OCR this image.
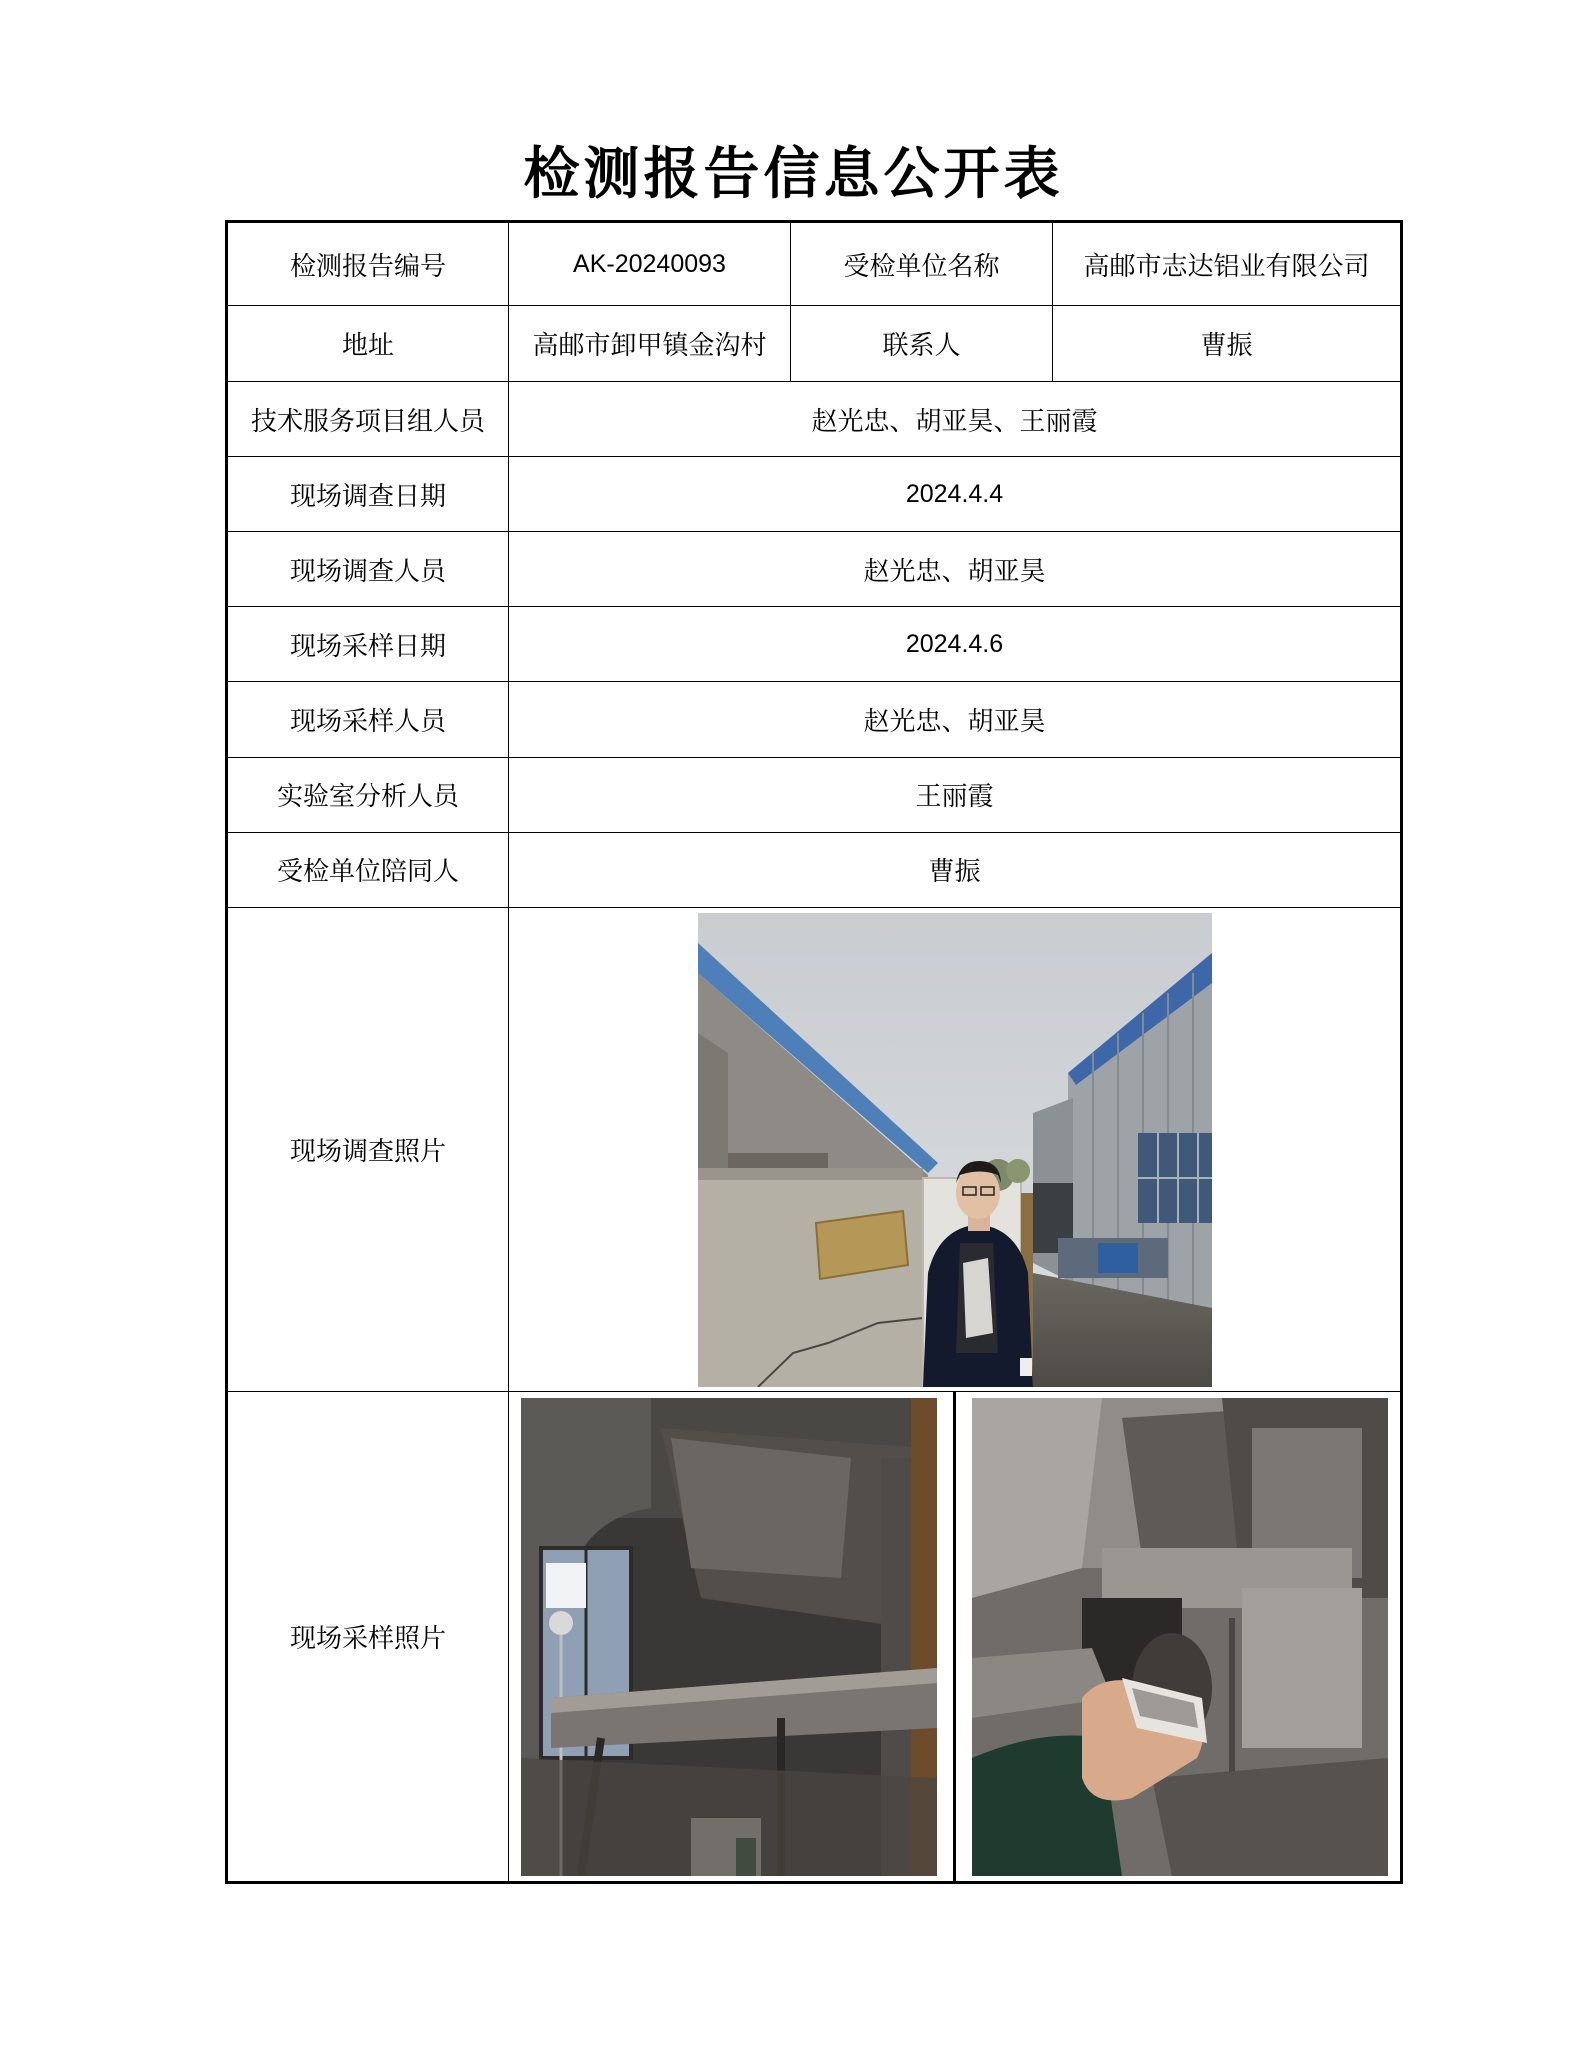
检测报告信息公开表
检测报告编号	AK-20240093	受检单位名称	高邮市志达铝业有限公司
地址	高邮市卸甲镇金沟村	联系人	曹振
技术服务项目组人员	赵光忠、胡亚昊、王丽霞		
现场调查日期	2024.4.4		
现场调查人员	赵光忠、胡亚昊		
现场采样日期	2024.4.6		
现场采样人员	赵光忠、胡亚昊		
实验室分析人员	王丽霞		
受检单位陪同人	曹振		
现场调查照片	

现场采样照片	
